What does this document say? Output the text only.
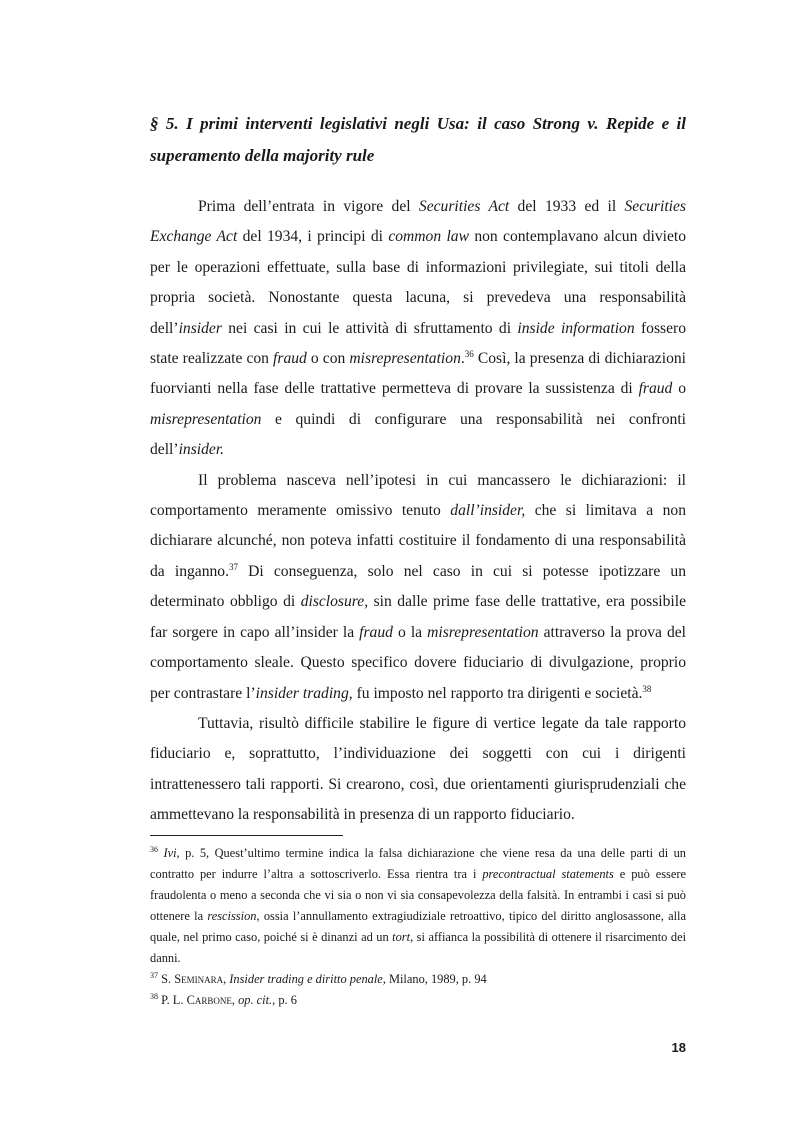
§ 5. I primi interventi legislativi negli Usa: il caso Strong v. Repide e il superamento della majority rule

Prima dell’entrata in vigore del Securities Act del 1933 ed il Securities Exchange Act del 1934, i principi di common law non contemplavano alcun divieto per le operazioni effettuate, sulla base di informazioni privilegiate, sui titoli della propria società. Nonostante questa lacuna, si prevedeva una responsabilità dell’insider nei casi in cui le attività di sfruttamento di inside information fossero state realizzate con fraud o con misrepresentation.$^{36}$ Così, la presenza di dichiarazioni fuorvianti nella fase delle trattative permetteva di provare la sussistenza di fraud o misrepresentation e quindi di configurare una responsabilità nei confronti dell’insider.

Il problema nasceva nell’ipotesi in cui mancassero le dichiarazioni: il comportamento meramente omissivo tenuto dall’insider, che si limitava a non dichiarare alcunché, non poteva infatti costituire il fondamento di una responsabilità da inganno.$^{37}$ Di conseguenza, solo nel caso in cui si potesse ipotizzare un determinato obbligo di disclosure, sin dalle prime fase delle trattative, era possibile far sorgere in capo all’insider la fraud o la misrepresentation attraverso la prova del comportamento sleale. Questo specifico dovere fiduciario di divulgazione, proprio per contrastare l’insider trading, fu imposto nel rapporto tra dirigenti e società.$^{38}$

Tuttavia, risultò difficile stabilire le figure di vertice legate da tale rapporto fiduciario e, soprattutto, l’individuazione dei soggetti con cui i dirigenti intrattenessero tali rapporti. Si crearono, così, due orientamenti giurisprudenziali che ammettevano la responsabilità in presenza di un rapporto fiduciario.

$^{36}$ Ivi, p. 5, Quest’ultimo termine indica la falsa dichiarazione che viene resa da una delle parti di un contratto per indurre l’altra a sottoscriverlo. Essa rientra tra i precontractual statements e può essere fraudolenta o meno a seconda che vi sia o non vi sia consapevolezza della falsità. In entrambi i casi si può ottenere la rescission, ossia l’annullamento extragiudiziale retroattivo, tipico del diritto anglosassone, alla quale, nel primo caso, poiché si è dinanzi ad un tort, si affianca la possibilità di ottenere il risarcimento dei danni.

$^{37}$ S. Seminara, Insider trading e diritto penale, Milano, 1989, p. 94

$^{38}$ P. L. Carbone, op. cit., p. 6

18
